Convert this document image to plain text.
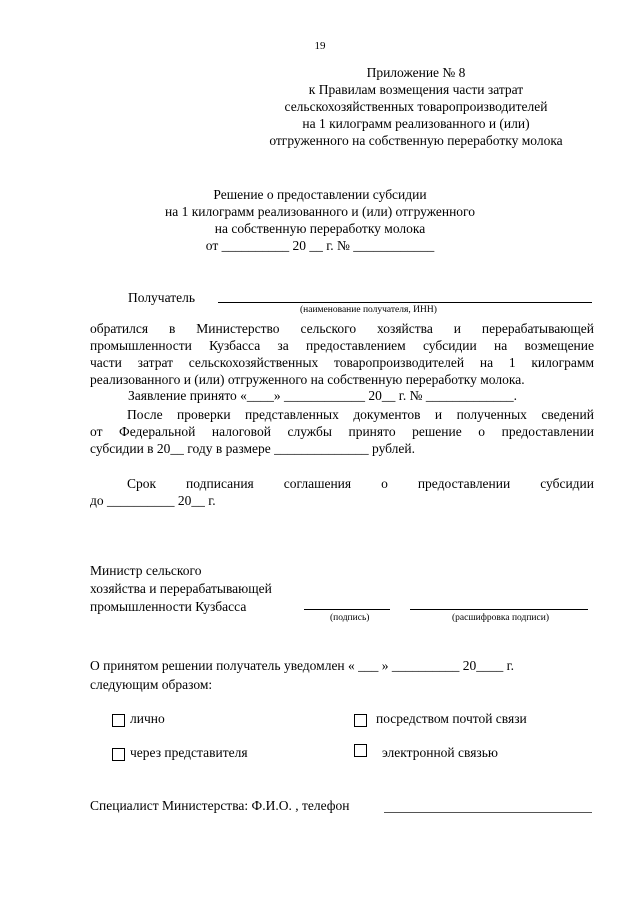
19
Приложение № 8
к Правилам возмещения части затрат
сельскохозяйственных товаропроизводителей
на 1 килограмм реализованного и (или)
отгруженного на собственную переработку молока
Решение о предоставлении субсидии
на 1 килограмм реализованного и (или) отгруженного
на собственную переработку молока
от __________ 20 __ г. № ____________
Получатель
(наименование получателя, ИНН)
обратился в Министерство сельского хозяйства и перерабатывающей
промышленности Кузбасса за предоставлением субсидии на возмещение
части затрат сельскохозяйственных товаропроизводителей на 1 килограмм
реализованного и (или) отгруженного на собственную переработку молока.
Заявление принято «____» ____________ 20__ г. № _____________.
После проверки представленных документов и полученных сведений
от Федеральной налоговой службы принято решение о предоставлении
субсидии в 20__ году в размере ______________ рублей.
Срок подписания соглашения о предоставлении субсидии
до __________ 20__ г.
Министр сельского
хозяйства и перерабатывающей
промышленности Кузбасса
(подпись)	(расшифровка подписи)
О принятом решении получатель уведомлен « ___ » __________ 20____ г.
следующим образом:
лично	посредством почтой связи
через представителя	электронной связью
Специалист Министерства: Ф.И.О. , телефон
